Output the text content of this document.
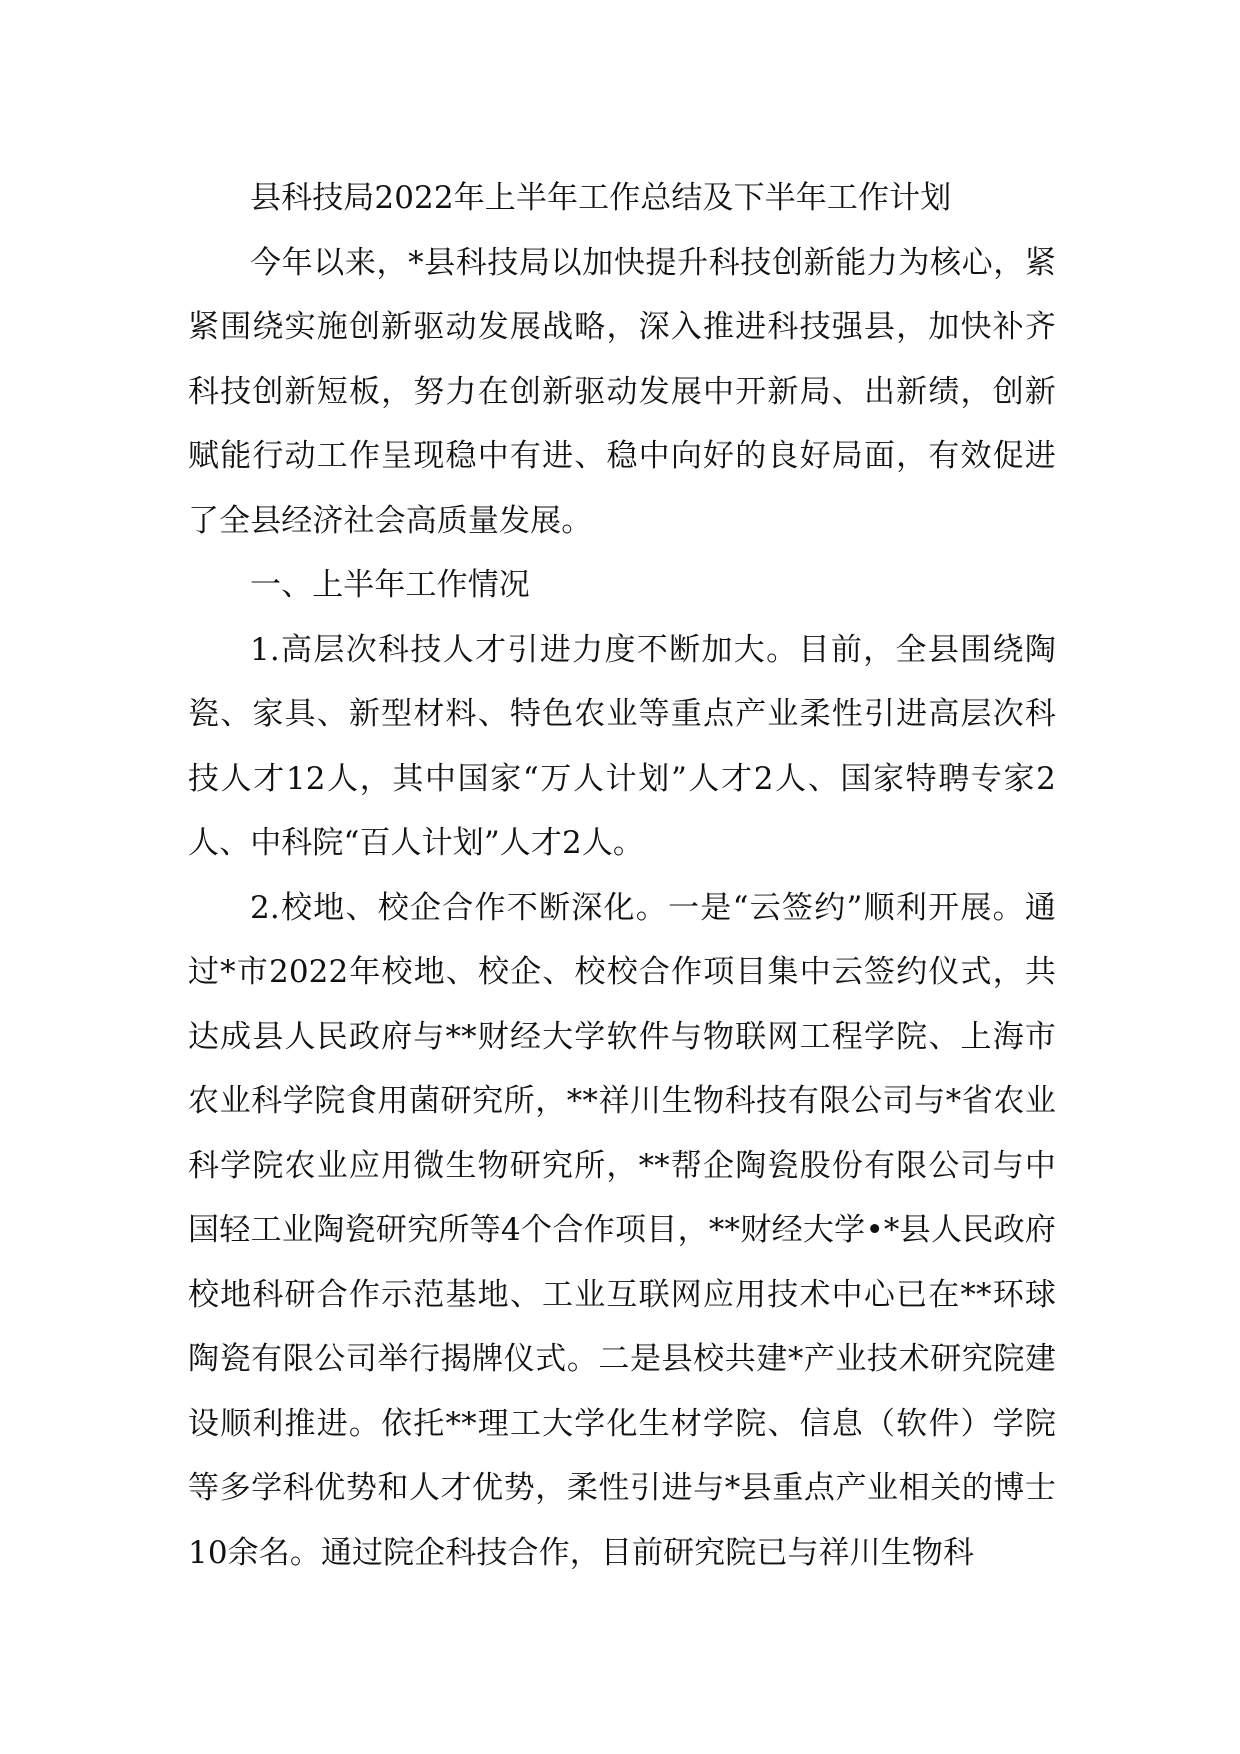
县科技局2022年上半年工作总结及下半年工作计划

今年以来，*县科技局以加快提升科技创新能力为核心，紧紧围绕实施创新驱动发展战略，深入推进科技强县，加快补齐科技创新短板，努力在创新驱动发展中开新局、出新绩，创新赋能行动工作呈现稳中有进、稳中向好的良好局面，有效促进了全县经济社会高质量发展。

一、上半年工作情况

1.高层次科技人才引进力度不断加大。目前，全县围绕陶瓷、家具、新型材料、特色农业等重点产业柔性引进高层次科技人才12人，其中国家“万人计划”人才2人、国家特聘专家2人、中科院“百人计划”人才2人。

2.校地、校企合作不断深化。一是“云签约”顺利开展。通过*市2022年校地、校企、校校合作项目集中云签约仪式，共达成县人民政府与**财经大学软件与物联网工程学院、上海市农业科学院食用菌研究所，**祥川生物科技有限公司与*省农业科学院农业应用微生物研究所，**帮企陶瓷股份有限公司与中国轻工业陶瓷研究所等4个合作项目，**财经大学•*县人民政府校地科研合作示范基地、工业互联网应用技术中心已在**环球陶瓷有限公司举行揭牌仪式。二是县校共建*产业技术研究院建设顺利推进。依托**理工大学化生材学院、信息（软件）学院等多学科优势和人才优势，柔性引进与*县重点产业相关的博士10余名。通过院企科技合作，目前研究院已与祥川生物科
